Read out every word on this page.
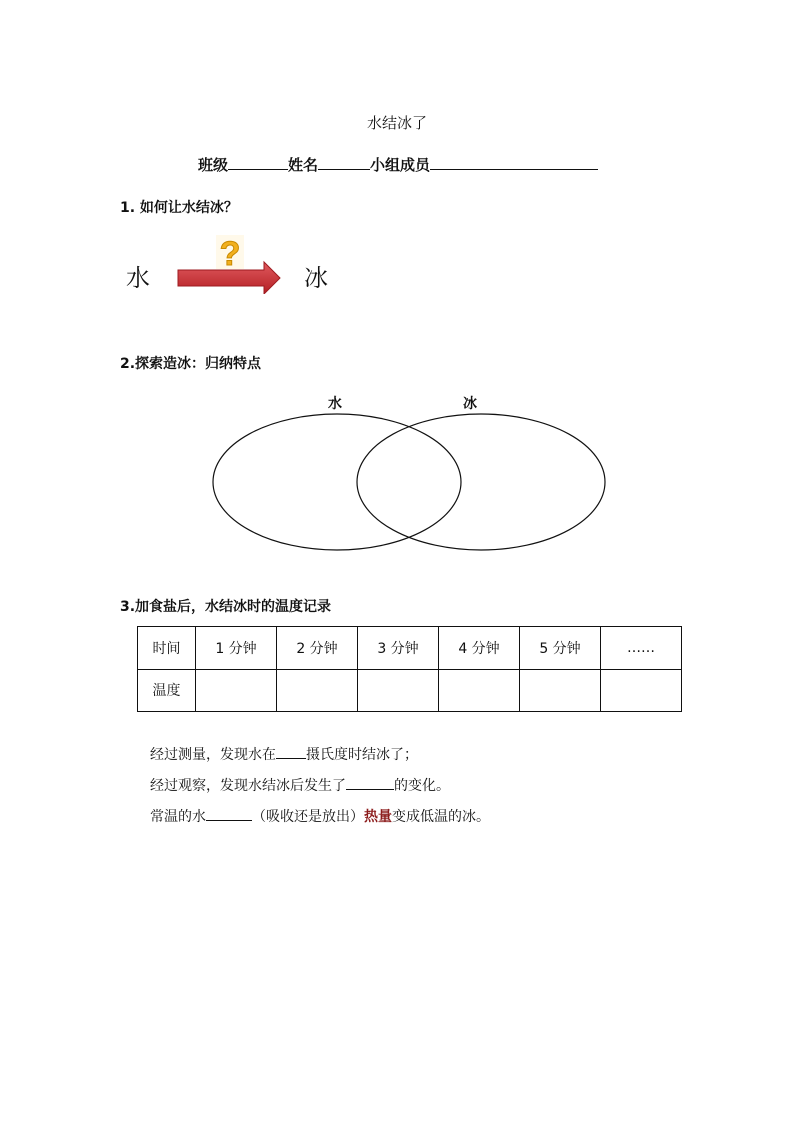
水结冰了
班级	姓名	小组成员
1. 如何让水结冰？
水
?
冰
2.探索造冰：归纳特点
水	冰
3.加食盐后，水结冰时的温度记录
时间	1 分钟	2 分钟	3 分钟	4 分钟	5 分钟	……
温度						
经过测量，发现水在 摄氏度时结冰了；
经过观察，发现水结冰后发生了	的变化。
常温的水	（吸收还是放出）热量变成低温的冰。
